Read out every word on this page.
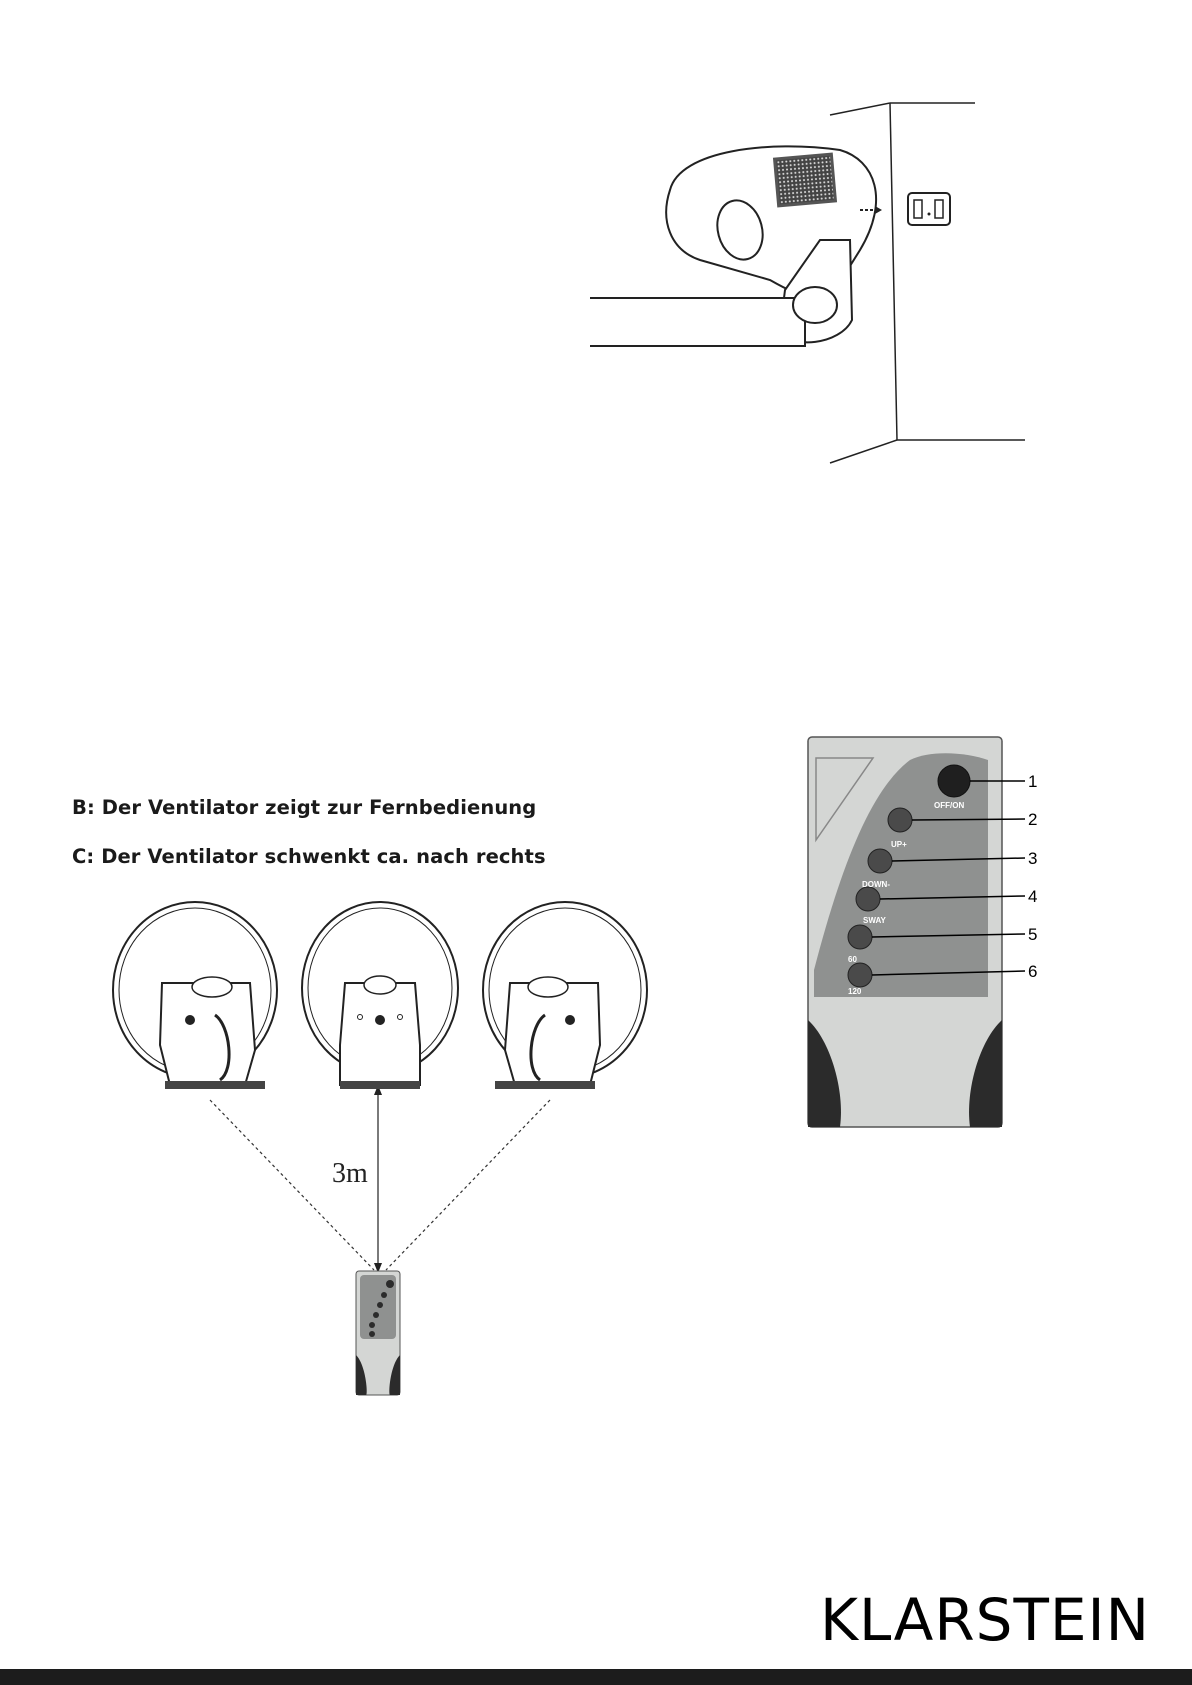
B: Der Ventilator zeigt zur Fernbedienung
C: Der Ventilator schwenkt ca. nach rechts
3m
OFF/ON
UP+
DOWN-
SWAY
60
120
1
2
3
4
5
6
KLARSTEIN
